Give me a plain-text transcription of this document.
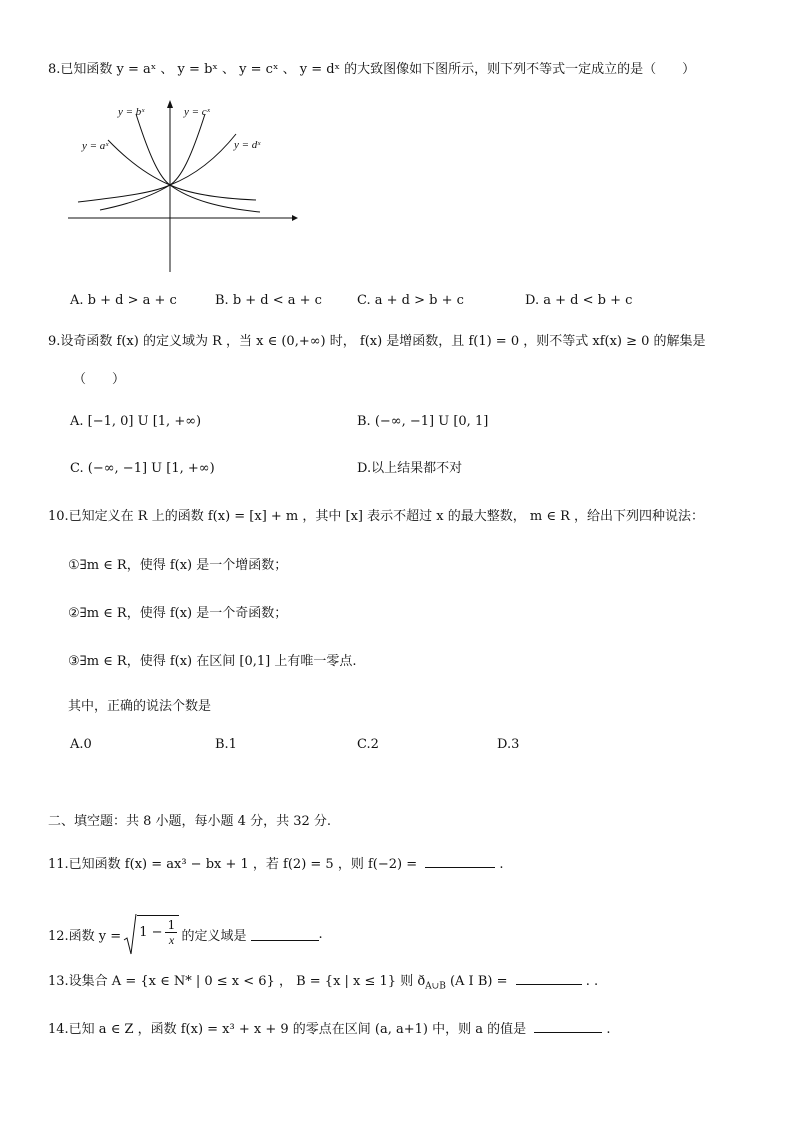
8.已知函数 y = aˣ 、 y = bˣ 、 y = cˣ 、 y = dˣ 的大致图像如下图所示，则下列不等式一定成立的是（　　）
y = bˣ	y = cˣ
y = aˣ	y = dˣ
A. b + d > a + c	B. b + d < a + c	C. a + d > b + c	D. a + d < b + c
9.设奇函数 f(x) 的定义域为 R ，当 x ∈ (0,+∞) 时， f(x) 是增函数，且 f(1) = 0 ，则不等式 xf(x) ≥ 0 的解集是
（　　）
A. [−1, 0] U [1, +∞)	B. (−∞, −1] U [0, 1]
C. (−∞, −1] U [1, +∞)	D.以上结果都不对
10.已知定义在 R 上的函数 f(x) = [x] + m ，其中 [x] 表示不超过 x 的最大整数， m ∈ R ，给出下列四种说法：
①∃m ∈ R，使得 f(x) 是一个增函数；
②∃m ∈ R，使得 f(x) 是一个奇函数；
③∃m ∈ R，使得 f(x) 在区间 [0,1] 上有唯一零点.
其中，正确的说法个数是
A.0	B.1	C.2	D.3
二、填空题：共 8 小题，每小题 4 分，共 32 分.
11.已知函数 f(x) = ax³ − bx + 1 ，若 f(2) = 5 ，则 f(−2) =	.
12.函数 y = 1 − 1
x 的定义域是	.
13.设集合 A = {x ∈ N* | 0 ≤ x < 6} ， B = {x | x ≤ 1} 则 $ð_{A\cup B}$ (A I B) =	. .
14.已知 a ∈ Z ，函数 f(x) = x³ + x + 9 的零点在区间 (a, a+1) 中，则 a 的值是	.
